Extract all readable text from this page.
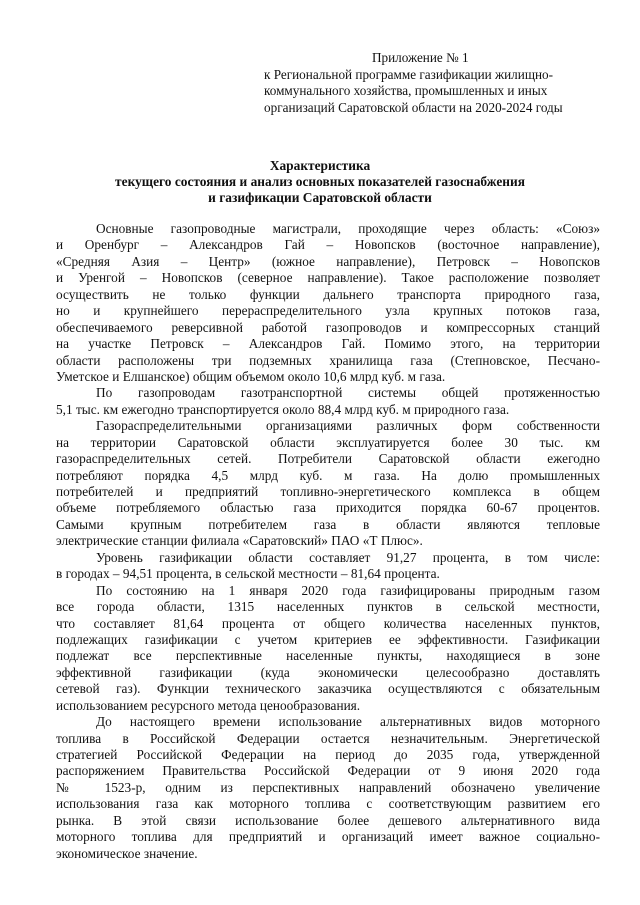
Приложение № 1
к Региональной программе газификации жилищно-
коммунального хозяйства, промышленных и иных
организаций Саратовской области на 2020-2024 годы
Характеристика
текущего состояния и анализ основных показателей газоснабжения
и газификации Саратовской области
Основные газопроводные магистрали, проходящие через область: «Союз»
и Оренбург – Александров Гай – Новопсков (восточное направление),
«Средняя Азия – Центр» (южное направление), Петровск – Новопсков
и Уренгой – Новопсков (северное направление). Такое расположение позволяет
осуществить не только функции дальнего транспорта природного газа,
но и крупнейшего перераспределительного узла крупных потоков газа,
обеспечиваемого реверсивной работой газопроводов и компрессорных станций
на участке Петровск – Александров Гай. Помимо этого, на территории
области расположены три подземных хранилища газа (Степновское, Песчано-
Уметское и Елшанское) общим объемом около 10,6 млрд куб. м газа.
По газопроводам газотранспортной системы общей протяженностью
5,1 тыс. км ежегодно транспортируется около 88,4 млрд куб. м природного газа.
Газораспределительными организациями различных форм собственности
на территории Саратовской области эксплуатируется более 30 тыс. км
газораспределительных сетей. Потребители Саратовской области ежегодно
потребляют порядка 4,5 млрд куб. м газа. На долю промышленных
потребителей и предприятий топливно-энергетического комплекса в общем
объеме потребляемого областью газа приходится порядка 60-67 процентов.
Самыми крупным потребителем газа в области являются тепловые
электрические станции филиала «Саратовский» ПАО «Т Плюс».
Уровень газификации области составляет 91,27 процента, в том числе:
в городах – 94,51 процента, в сельской местности – 81,64 процента.
По состоянию на 1 января 2020 года газифицированы природным газом
все города области, 1315 населенных пунктов в сельской местности,
что составляет 81,64 процента от общего количества населенных пунктов,
подлежащих газификации с учетом критериев ее эффективности. Газификации
подлежат все перспективные населенные пункты, находящиеся в зоне
эффективной газификации (куда экономически целесообразно доставлять
сетевой газ). Функции технического заказчика осуществляются с обязательным
использованием ресурсного метода ценообразования.
До настоящего времени использование альтернативных видов моторного
топлива в Российской Федерации остается незначительным. Энергетической
стратегией Российской Федерации на период до 2035 года, утвержденной
распоряжением Правительства Российской Федерации от 9 июня 2020 года
№ 1523-р, одним из перспективных направлений обозначено увеличение
использования газа как моторного топлива с соответствующим развитием его
рынка. В этой связи использование более дешевого альтернативного вида
моторного топлива для предприятий и организаций имеет важное социально-
экономическое значение.
